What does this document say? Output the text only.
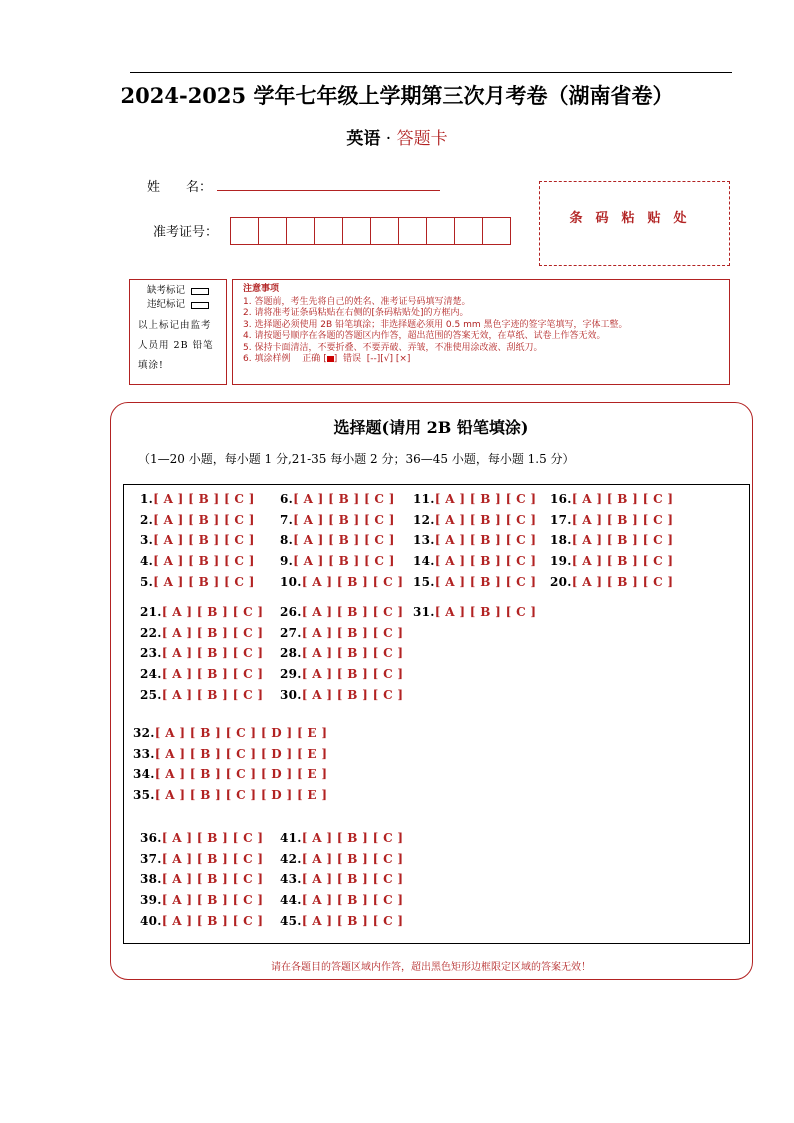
2024-2025 学年七年级上学期第三次月考卷（湖南省卷）
英语 · 答题卡
姓　　名：
准考证号：
条码粘贴处
缺考标记
违纪标记
以上标记由监考人员用 2B 铅笔填涂!
注意事项
1. 答题前，考生先将自己的姓名、准考证号码填写清楚。
2. 请将准考证条码粘贴在右侧的[条码粘贴处]的方框内。
3. 选择题必须使用 2B 铅笔填涂；非选择题必须用 0.5 mm 黑色字迹的签字笔填写，字体工整。
4. 请按题号顺序在各题的答题区内作答，超出范围的答案无效，在草纸、试卷上作答无效。
5. 保持卡面清洁，不要折叠、不要弄破、弄皱，不准使用涂改液、刮纸刀。
6. 填涂样例　 正确 [ ] 错误 [--][√] [×]
选择题(请用 2B 铅笔填涂)
（1—20 小题，每小题 1 分,21-35 每小题 2 分；36—45 小题，每小题 1.5 分）
1.[ A ] [ B ] [ C ]
2.[ A ] [ B ] [ C ]
3.[ A ] [ B ] [ C ]
4.[ A ] [ B ] [ C ]
5.[ A ] [ B ] [ C ]
6.[ A ] [ B ] [ C ]
7.[ A ] [ B ] [ C ]
8.[ A ] [ B ] [ C ]
9.[ A ] [ B ] [ C ]
10.[ A ] [ B ] [ C ]
11.[ A ] [ B ] [ C ]
12.[ A ] [ B ] [ C ]
13.[ A ] [ B ] [ C ]
14.[ A ] [ B ] [ C ]
15.[ A ] [ B ] [ C ]
16.[ A ] [ B ] [ C ]
17.[ A ] [ B ] [ C ]
18.[ A ] [ B ] [ C ]
19.[ A ] [ B ] [ C ]
20.[ A ] [ B ] [ C ]
21.[ A ] [ B ] [ C ]
22.[ A ] [ B ] [ C ]
23.[ A ] [ B ] [ C ]
24.[ A ] [ B ] [ C ]
25.[ A ] [ B ] [ C ]
26.[ A ] [ B ] [ C ]
27.[ A ] [ B ] [ C ]
28.[ A ] [ B ] [ C ]
29.[ A ] [ B ] [ C ]
30.[ A ] [ B ] [ C ]
31.[ A ] [ B ] [ C ]
32.[ A ] [ B ] [ C ] [ D ] [ E ]
33.[ A ] [ B ] [ C ] [ D ] [ E ]
34.[ A ] [ B ] [ C ] [ D ] [ E ]
35.[ A ] [ B ] [ C ] [ D ] [ E ]
36.[ A ] [ B ] [ C ]
37.[ A ] [ B ] [ C ]
38.[ A ] [ B ] [ C ]
39.[ A ] [ B ] [ C ]
40.[ A ] [ B ] [ C ]
41.[ A ] [ B ] [ C ]
42.[ A ] [ B ] [ C ]
43.[ A ] [ B ] [ C ]
44.[ A ] [ B ] [ C ]
45.[ A ] [ B ] [ C ]
请在各题目的答题区域内作答，超出黑色矩形边框限定区域的答案无效！
